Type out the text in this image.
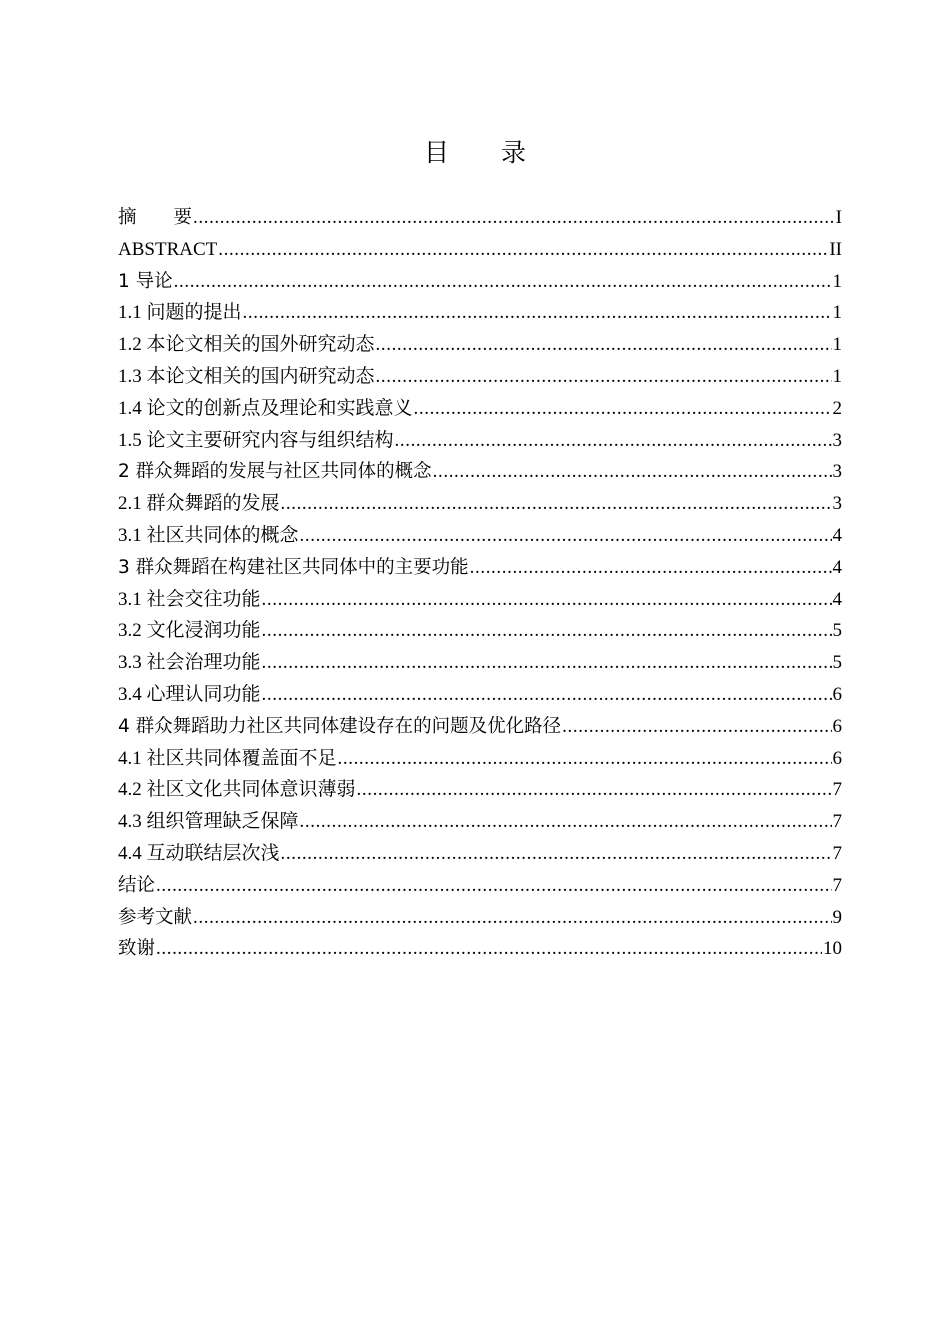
目 录
摘　　要 .....	I
ABSTRACT .....	II
1 导论 .....	1
1.1 问题的提出 .....	1
1.2 本论文相关的国外研究动态 .....	1
1.3 本论文相关的国内研究动态 .....	1
1.4 论文的创新点及理论和实践意义 .....	2
1.5 论文主要研究内容与组织结构 .....	3
2 群众舞蹈的发展与社区共同体的概念 .....	3
2.1 群众舞蹈的发展 .....	3
3.1 社区共同体的概念 .....	4
3 群众舞蹈在构建社区共同体中的主要功能 .....	4
3.1 社会交往功能 .....	4
3.2 文化浸润功能 .....	5
3.3 社会治理功能 .....	5
3.4 心理认同功能 .....	6
4 群众舞蹈助力社区共同体建设存在的问题及优化路径 .....	6
4.1 社区共同体覆盖面不足 .....	6
4.2 社区文化共同体意识薄弱 .....	7
4.3 组织管理缺乏保障 .....	7
4.4 互动联结层次浅 .....	7
结论 .....	7
参考文献 .....	9
致谢 .....	10
